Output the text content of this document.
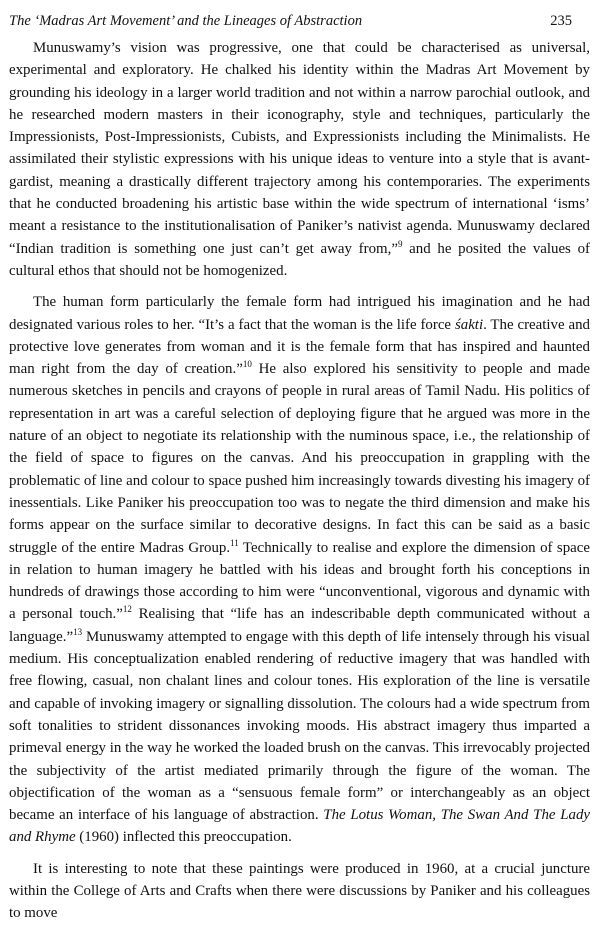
The ‘Madras Art Movement’ and the Lineages of Abstraction	235

Munuswamy’s vision was progressive, one that could be characterised as universal, experimental and exploratory. He chalked his identity within the Madras Art Movement by grounding his ideology in a larger world tradition and not within a narrow parochial outlook, and he researched modern masters in their iconography, style and techniques, particularly the Impressionists, Post-Impressionists, Cubists, and Expressionists including the Minimalists. He assimilated their stylistic expressions with his unique ideas to venture into a style that is avant-gardist, meaning a drastically different trajectory among his contemporaries. The experiments that he conducted broadening his artistic base within the wide spectrum of international ‘isms’ meant a resistance to the institutionalisation of Paniker’s nativist agenda. Munuswamy declared “Indian tradition is something one just can’t get away from,”$^9$ and he posited the values of cultural ethos that should not be homogenized.

The human form particularly the female form had intrigued his imagination and he had designated various roles to her. “It’s a fact that the woman is the life force śakti. The creative and protective love generates from woman and it is the female form that has inspired and haunted man right from the day of creation.”$^{10}$ He also explored his sensitivity to people and made numerous sketches in pencils and crayons of people in rural areas of Tamil Nadu. His politics of representation in art was a careful selection of deploying figure that he argued was more in the nature of an object to negotiate its relationship with the numinous space, i.e., the relationship of the field of space to figures on the canvas. And his preoccupation in grappling with the problematic of line and colour to space pushed him increasingly towards divesting his imagery of inessentials. Like Paniker his preoccupation too was to negate the third dimension and make his forms appear on the surface similar to decorative designs. In fact this can be said as a basic struggle of the entire Madras Group.$^{11}$ Technically to realise and explore the dimension of space in relation to human imagery he battled with his ideas and brought forth his conceptions in hundreds of drawings those according to him were “unconventional, vigorous and dynamic with a personal touch.”$^{12}$ Realising that “life has an indescribable depth communicated without a language.”$^{13}$ Munuswamy attempted to engage with this depth of life intensely through his visual medium. His conceptualization enabled rendering of reductive imagery that was handled with free flowing, casual, non chalant lines and colour tones. His exploration of the line is versatile and capable of invoking imagery or signalling dissolution. The colours had a wide spectrum from soft tonalities to strident dissonances invoking moods. His abstract imagery thus imparted a primeval energy in the way he worked the loaded brush on the canvas. This irrevocably projected the subjectivity of the artist mediated primarily through the figure of the woman. The objectification of the woman as a “sensuous female form” or interchangeably as an object became an interface of his language of abstraction. The Lotus Woman, The Swan And The Lady and Rhyme (1960) inflected this preoccupation.

It is interesting to note that these paintings were produced in 1960, at a crucial juncture within the College of Arts and Crafts when there were discussions by Paniker and his colleagues to move
